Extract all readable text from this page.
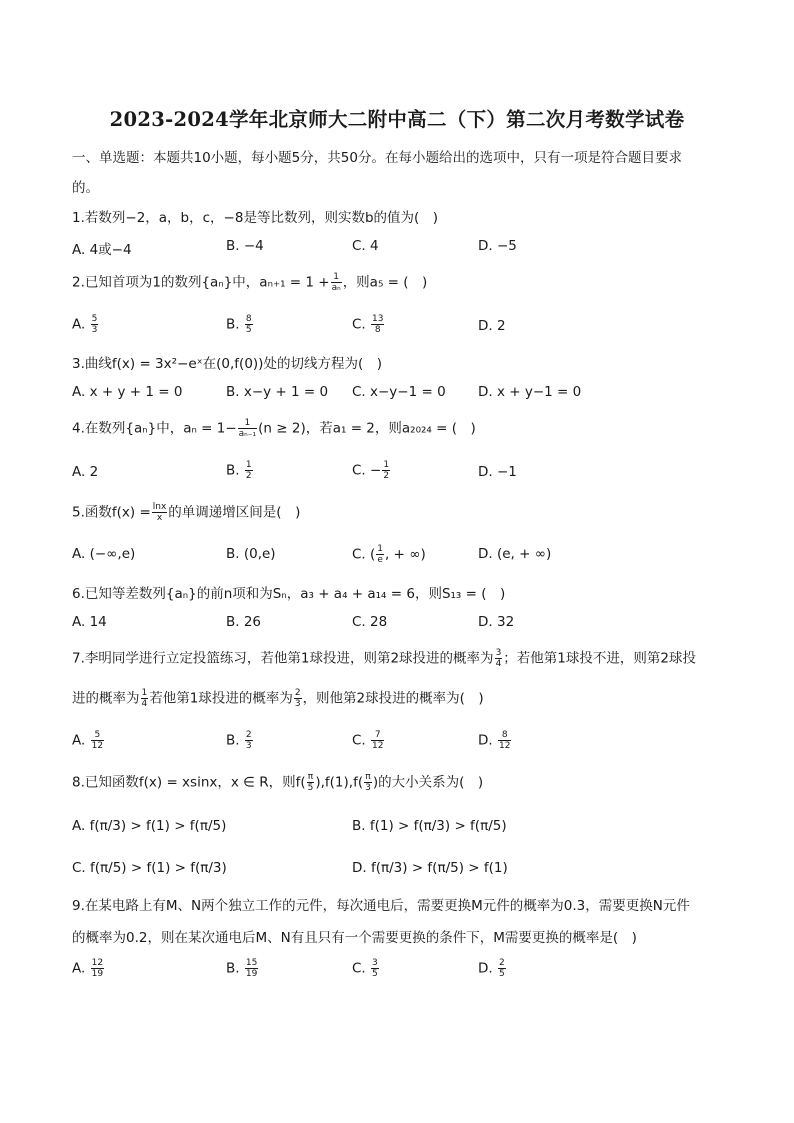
2023-2024学年北京师大二附中高二（下）第二次月考数学试卷
一、单选题：本题共10小题，每小题5分，共50分。在每小题给出的选项中，只有一项是符合题目要求
的。
1.若数列−2，a，b，c，−8是等比数列，则实数b的值为(　)
A. 4或−4	B. −4	C. 4	D. −5
2.已知首项为1的数列{aₙ}中，$a_{n+1} = 1 + \frac{1}{\text{aₙ}}$ ，则a₅ = (　)
A. $\frac{5}{3}$	B. $\frac{8}{5}$	C. $\frac{13}{8}$	D. 2
3.曲线f(x) = 3x²−eˣ在(0,f(0))处的切线方程为(　)
A. x + y + 1 = 0	B. x−y + 1 = 0 C. x−y−1 = 0 D. x + y−1 = 0
4.在数列{aₙ}中，$a_n = 1- \frac{1}{\text{aₙ₋₁}} (n \ge 2)$，若a₁ = 2，则a₂₀₂₄ = (　)
A. 2	B. $\frac{1}{2}$	C. − $\frac{1}{2}$	D. −1
5.函数$f(x) = \frac{\ln x}{x}$ 的单调递增区间是(　)
A. (−∞,e)	B. (0,e)	C. ( $\frac{1}{e}$ , + ∞)	D. (e, + ∞)
6.已知等差数列{aₙ}的前n项和为Sₙ，a₃ + a₄ + a₁₄ = 6，则S₁₃ = (　)
A. 14	B. 26	C. 28	D. 32
7.李明同学进行立定投篮练习，若他第1球投进，则第2球投进的概率为 $\frac{3}{4}$ ；若他第1球投不进，则第2球投
进的概率为 $\frac{1}{4}$ 若他第1球投进的概率为 $\frac{2}{3}$ ，则他第2球投进的概率为(　)
A. $\frac{5}{12}$	B. $\frac{2}{3}$	C. $\frac{7}{12}$	D. $\frac{8}{12}$
8.已知函数f(x) = xsinx，x ∈ R，则$f( \frac{\pi}{5} ),f(1),f( \frac{\pi}{3}$ )的大小关系为(　)
A. f(π/3) > f(1) > f(π/5)	B. f(1) > f(π/3) > f(π/5)
C. f(π/5) > f(1) > f(π/3)	D. f(π/3) > f(π/5) > f(1)
9.在某电路上有M、N两个独立工作的元件，每次通电后，需要更换M元件的概率为0.3，需要更换N元件
的概率为0.2，则在某次通电后M、N有且只有一个需要更换的条件下，M需要更换的概率是(　)
A. $\frac{12}{19}$	B. $\frac{15}{19}$	C. $\frac{3}{5}$	D. $\frac{2}{5}$
